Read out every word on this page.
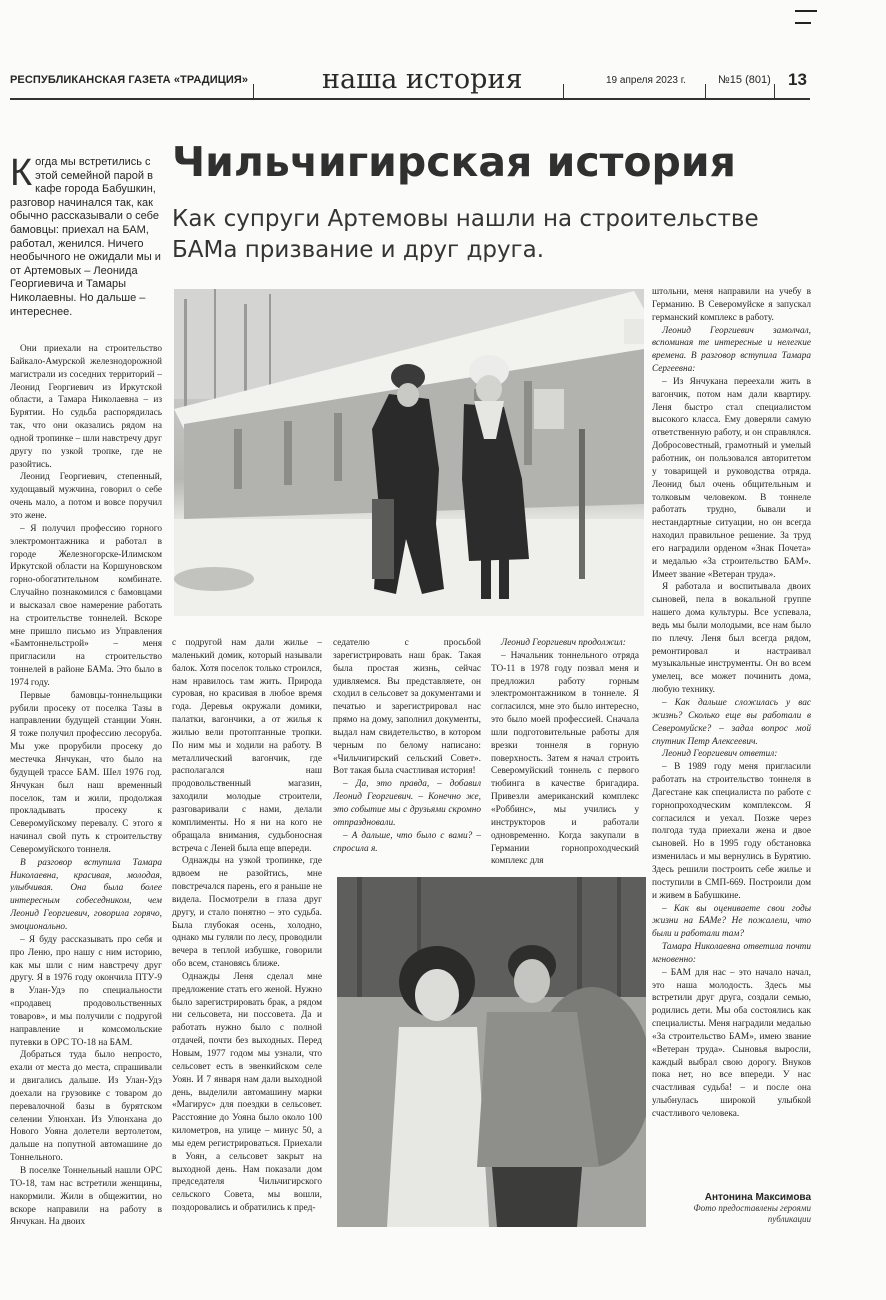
РЕСПУБЛИКАНСКАЯ ГАЗЕТА «ТРАДИЦИЯ»	наша история	19 апреля 2023 г.	№15 (801) 13
Чильчигирская история
Как супруги Артемовы нашли на строительстве БАМа призвание и друг друга.
Когда мы встретились с этой семейной парой в кафе города Бабушкин, разговор начинался так, как обычно рассказывали о себе бамовцы: приехал на БАМ, работал, женился. Ничего необычного не ожидали мы и от Артемовых – Леонида Георгиевича и Тамары Николаевны. Но дальше – интереснее.

Они приехали на строительство Байкало-Амурской железнодорожной магистрали из соседних территорий – Леонид Георгиевич из Иркутской области, а Тамара Николаевна – из Бурятии. Но судьба распорядилась так, что они оказались рядом на одной тропинке – шли навстречу друг другу по узкой тропке, где не разойтись.

Леонид Георгиевич, степенный, худощавый мужчина, говорил о себе очень мало, а потом и вовсе поручил это жене.

– Я получил профессию горного электромонтажника и работал в городе Железногорске-Илимском Иркутской области на Коршуновском горно-обогатительном комбинате. Случайно познакомился с бамовцами и высказал свое намерение работать на строительстве тоннелей. Вскоре мне пришло письмо из Управления «Бамтоннельстрой» – меня пригласили на строительство тоннелей в районе БАМа. Это было в 1974 году.

Первые бамовцы-тоннельщики рубили просеку от поселка Тазы в направлении будущей станции Уоян. Я тоже получил профессию лесоруба. Мы уже прорубили просеку до местечка Янчукан, что было на будущей трассе БАМ. Шел 1976 год. Янчукан был наш временный поселок, там и жили, продолжая прокладывать просеку к Северомуйскому перевалу. С этого я начинал свой путь к строительству Северомуйского тоннеля.

В разговор вступила Тамара Николаевна, красивая, молодая, улыбчивая. Она была более интересным собеседником, чем Леонид Георгиевич, говорила горячо, эмоционально.

– Я буду рассказывать про себя и про Леню, про нашу с ним историю, как мы шли с ним навстречу друг другу. Я в 1976 году окончила ПТУ-9 в Улан-Удэ по специальности «продавец продовольственных товаров», и мы получили с подругой направление и комсомольские путевки в ОРС ТО-18 на БАМ.

Добраться туда было непросто, ехали от места до места, спрашивали и двигались дальше. Из Улан-Удэ доехали на грузовике с товаром до перевалочной базы в бурятском селении Улюнхан. Из Улюнхана до Нового Уояна долетели вертолетом, дальше на попутной автомашине до Тоннельного.

В поселке Тоннельный нашли ОРС ТО-18, там нас встретили женщины, накормили. Жили в общежитии, но вскоре направили на работу в Янчукан. На двоих

с подругой нам дали жилье – маленький домик, который называли балок. Хотя поселок только строился, нам нравилось там жить. Природа суровая, но красивая в любое время года. Деревья окружали домики, палатки, вагончики, а от жилья к жилью вели протоптанные тропки. По ним мы и ходили на работу. В металлический вагончик, где располагался наш продовольственный магазин, заходили молодые строители, разговаривали с нами, делали комплименты. Но я ни на кого не обращала внимания, судьбоносная встреча с Леней была еще впереди.

Однажды на узкой тропинке, где вдвоем не разойтись, мне повстречался парень, его я раньше не видела. Посмотрели в глаза друг другу, и стало понятно – это судьба. Была глубокая осень, холодно, однако мы гуляли по лесу, проводили вечера в теплой избушке, говорили обо всем, становясь ближе.

Однажды Леня сделал мне предложение стать его женой. Нужно было зарегистрировать брак, а рядом ни сельсовета, ни поссовета. Да и работать нужно было с полной отдачей, почти без выходных. Перед Новым, 1977 годом мы узнали, что сельсовет есть в эвенкийском селе Уоян. И 7 января нам дали выходной день, выделили автомашину марки «Магирус» для поездки в сельсовет. Расстояние до Уояна было около 100 километров, на улице – минус 50, а мы едем регистрироваться. Приехали в Уоян, а сельсовет закрыт на выходной день. Нам показали дом председателя Чильчигирского сельского Совета, мы вошли, поздоровались и обратились к пред-

седателю с просьбой зарегистрировать наш брак. Такая была простая жизнь, сейчас удивляемся. Вы представляете, он сходил в сельсовет за документами и печатью и зарегистрировал нас прямо на дому, заполнил документы, выдал нам свидетельство, в котором черным по белому написано: «Чильчигирский сельский Совет». Вот такая была счастливая история!

– Да, это правда, – добавил Леонид Георгиевич. – Конечно же, это событие мы с друзьями скромно отпраздновали.

– А дальше, что было с вами? – спросила я.

Леонид Георгиевич продолжил:

– Начальник тоннельного отряда ТО-11 в 1978 году позвал меня и предложил работу горным электромонтажником в тоннеле. Я согласился, мне это было интересно, это было моей профессией. Сначала шли подготовительные работы для врезки тоннеля в горную поверхность. Затем я начал строить Северомуйский тоннель с первого тюбинга в качестве бригадира. Привезли американский комплекс «Роббинс», мы учились у инструкторов и работали одновременно. Когда закупали в Германии горнопроходческий комплекс для

штольни, меня направили на учебу в Германию. В Северомуйске я запускал германский комплекс в работу.

Леонид Георгиевич замолчал, вспоминая те интересные и нелегкие времена. В разговор вступила Тамара Сергеевна:

– Из Янчукана переехали жить в вагончик, потом нам дали квартиру. Леня быстро стал специалистом высокого класса. Ему доверяли самую ответственную работу, и он справлялся. Добросовестный, грамотный и умелый работник, он пользовался авторитетом у товарищей и руководства отряда. Леонид был очень общительным и толковым человеком. В тоннеле работать трудно, бывали и нестандартные ситуации, но он всегда находил правильное решение. За труд его наградили орденом «Знак Почета» и медалью «За строительство БАМ». Имеет звание «Ветеран труда».

Я работала и воспитывала двоих сыновей, пела в вокальной группе нашего дома культуры. Все успевала, ведь мы были молодыми, все нам было по плечу. Леня был всегда рядом, ремонтировал и настраивал музыкальные инструменты. Он во всем умелец, все может починить дома, любую технику.

– Как дальше сложилась у вас жизнь? Сколько еще вы работали в Северомуйске? – задал вопрос мой спутник Петр Алексеевич.

Леонид Георгиевич ответил:

– В 1989 году меня пригласили работать на строительство тоннеля в Дагестане как специалиста по работе с горнопроходческим комплексом. Я согласился и уехал. Позже через полгода туда приехали жена и двое сыновей. Но в 1995 году обстановка изменилась и мы вернулись в Бурятию. Здесь решили построить себе жилье и поступили в СМП-669. Построили дом и живем в Бабушкине.

– Как вы оцениваете свои годы жизни на БАМе? Не пожалели, что были и работали там?

Тамара Николаевна ответила почти мгновенно:

– БАМ для нас – это начало начал, это наша молодость. Здесь мы встретили друг друга, создали семью, родились дети. Мы оба состоялись как специалисты. Меня наградили медалью «За строительство БАМ», имею звание «Ветеран труда». Сыновья выросли, каждый выбрал свою дорогу. Внуков пока нет, но все впереди. У нас счастливая судьба! – и после она улыбнулась широкой улыбкой счастливого человека.

Антонина Максимова
Фото предоставлены героями публикации
